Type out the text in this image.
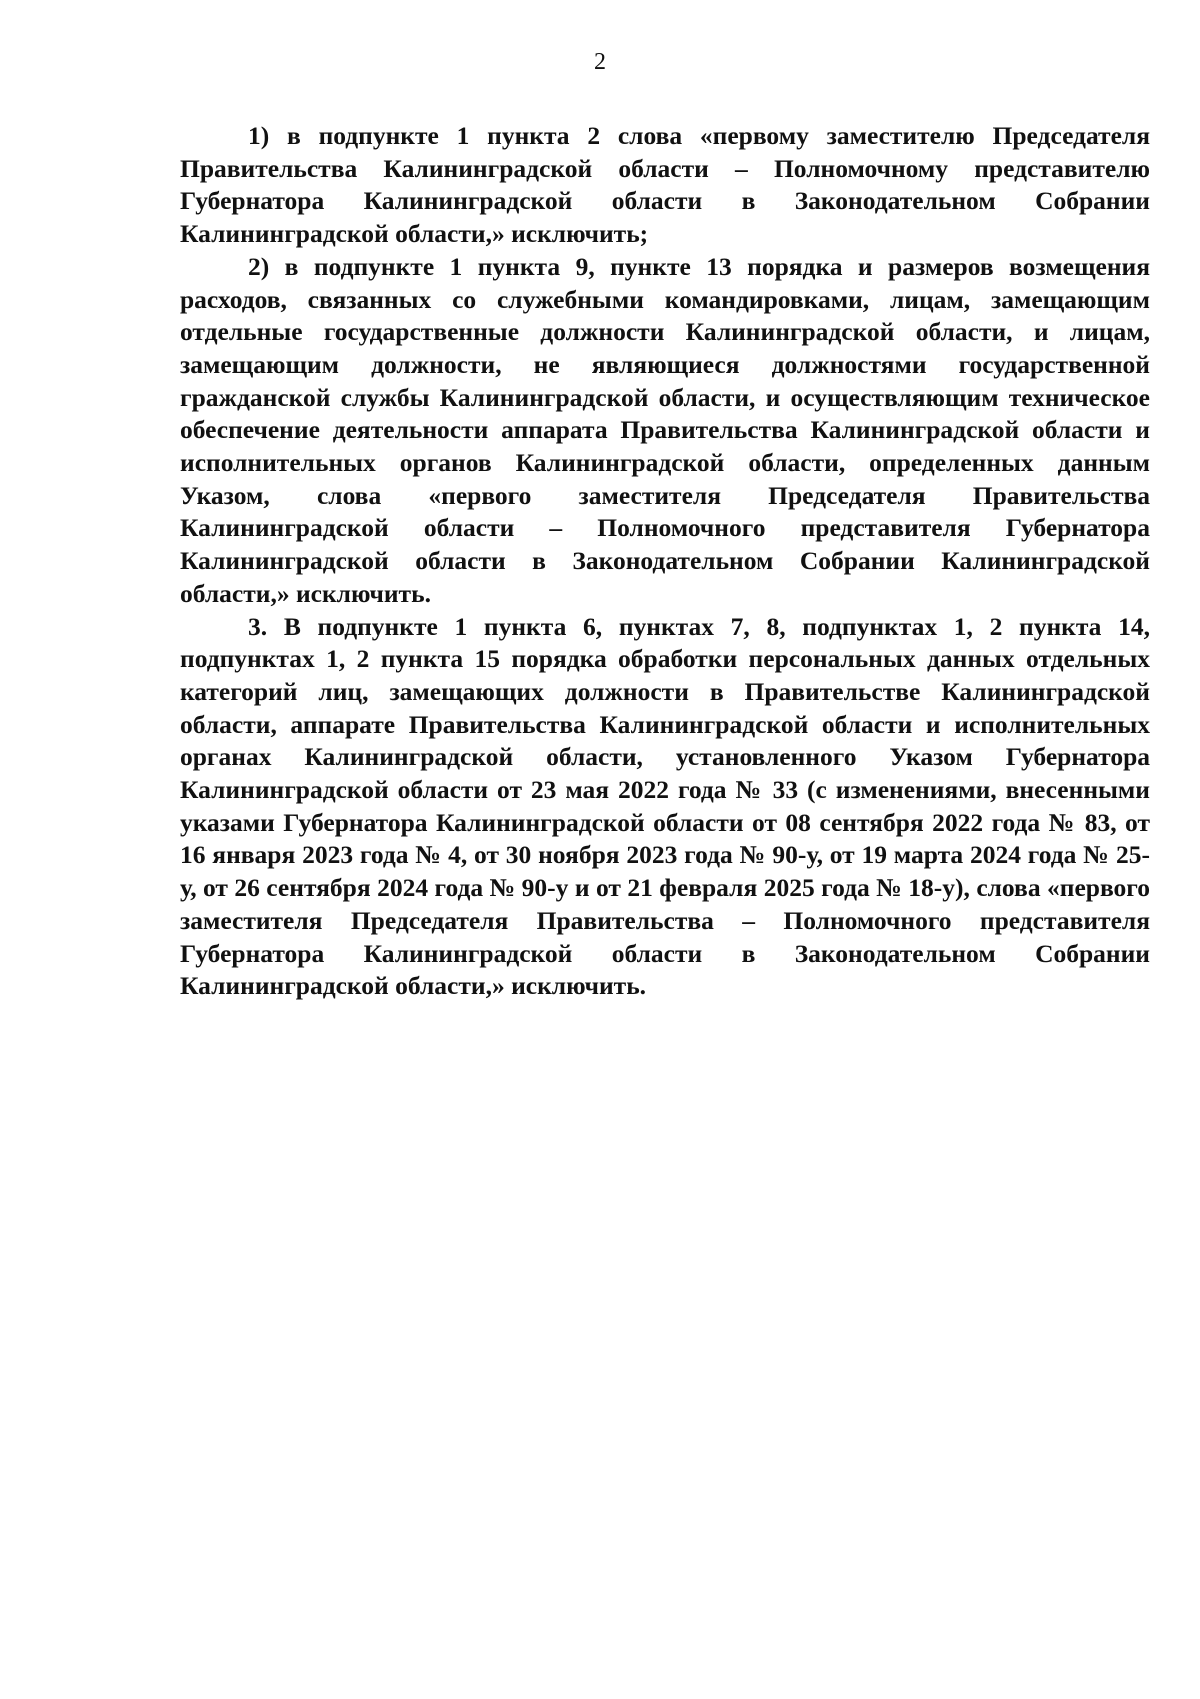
2

1) в подпункте 1 пункта 2 слова «первому заместителю Председателя Правительства Калининградской области – Полномочному представителю Губернатора Калининградской области в Законодательном Собрании Калининградской области,» исключить;

2) в подпункте 1 пункта 9, пункте 13 порядка и размеров возмещения расходов, связанных со служебными командировками, лицам, замещающим отдельные государственные должности Калининградской области, и лицам, замещающим должности, не являющиеся должностями государственной гражданской службы Калининградской области, и осуществляющим техническое обеспечение деятельности аппарата Правительства Калининградской области и исполнительных органов Калининградской области, определенных данным Указом, слова «первого заместителя Председателя Правительства Калининградской области – Полномочного представителя Губернатора Калининградской области в Законодательном Собрании Калининградской области,» исключить.

3. В подпункте 1 пункта 6, пунктах 7, 8, подпунктах 1, 2 пункта 14, подпунктах 1, 2 пункта 15 порядка обработки персональных данных отдельных категорий лиц, замещающих должности в Правительстве Калининградской области, аппарате Правительства Калининградской области и исполнительных органах Калининградской области, установленного Указом Губернатора Калининградской области от 23 мая 2022 года № 33 (с изменениями, внесенными указами Губернатора Калининградской области от 08 сентября 2022 года № 83, от 16 января 2023 года № 4, от 30 ноября 2023 года № 90-у, от 19 марта 2024 года № 25-у, от 26 сентября 2024 года № 90-у и от 21 февраля 2025 года № 18-у), слова «первого заместителя Председателя Правительства – Полномочного представителя Губернатора Калининградской области в Законодательном Собрании Калининградской области,» исключить.
